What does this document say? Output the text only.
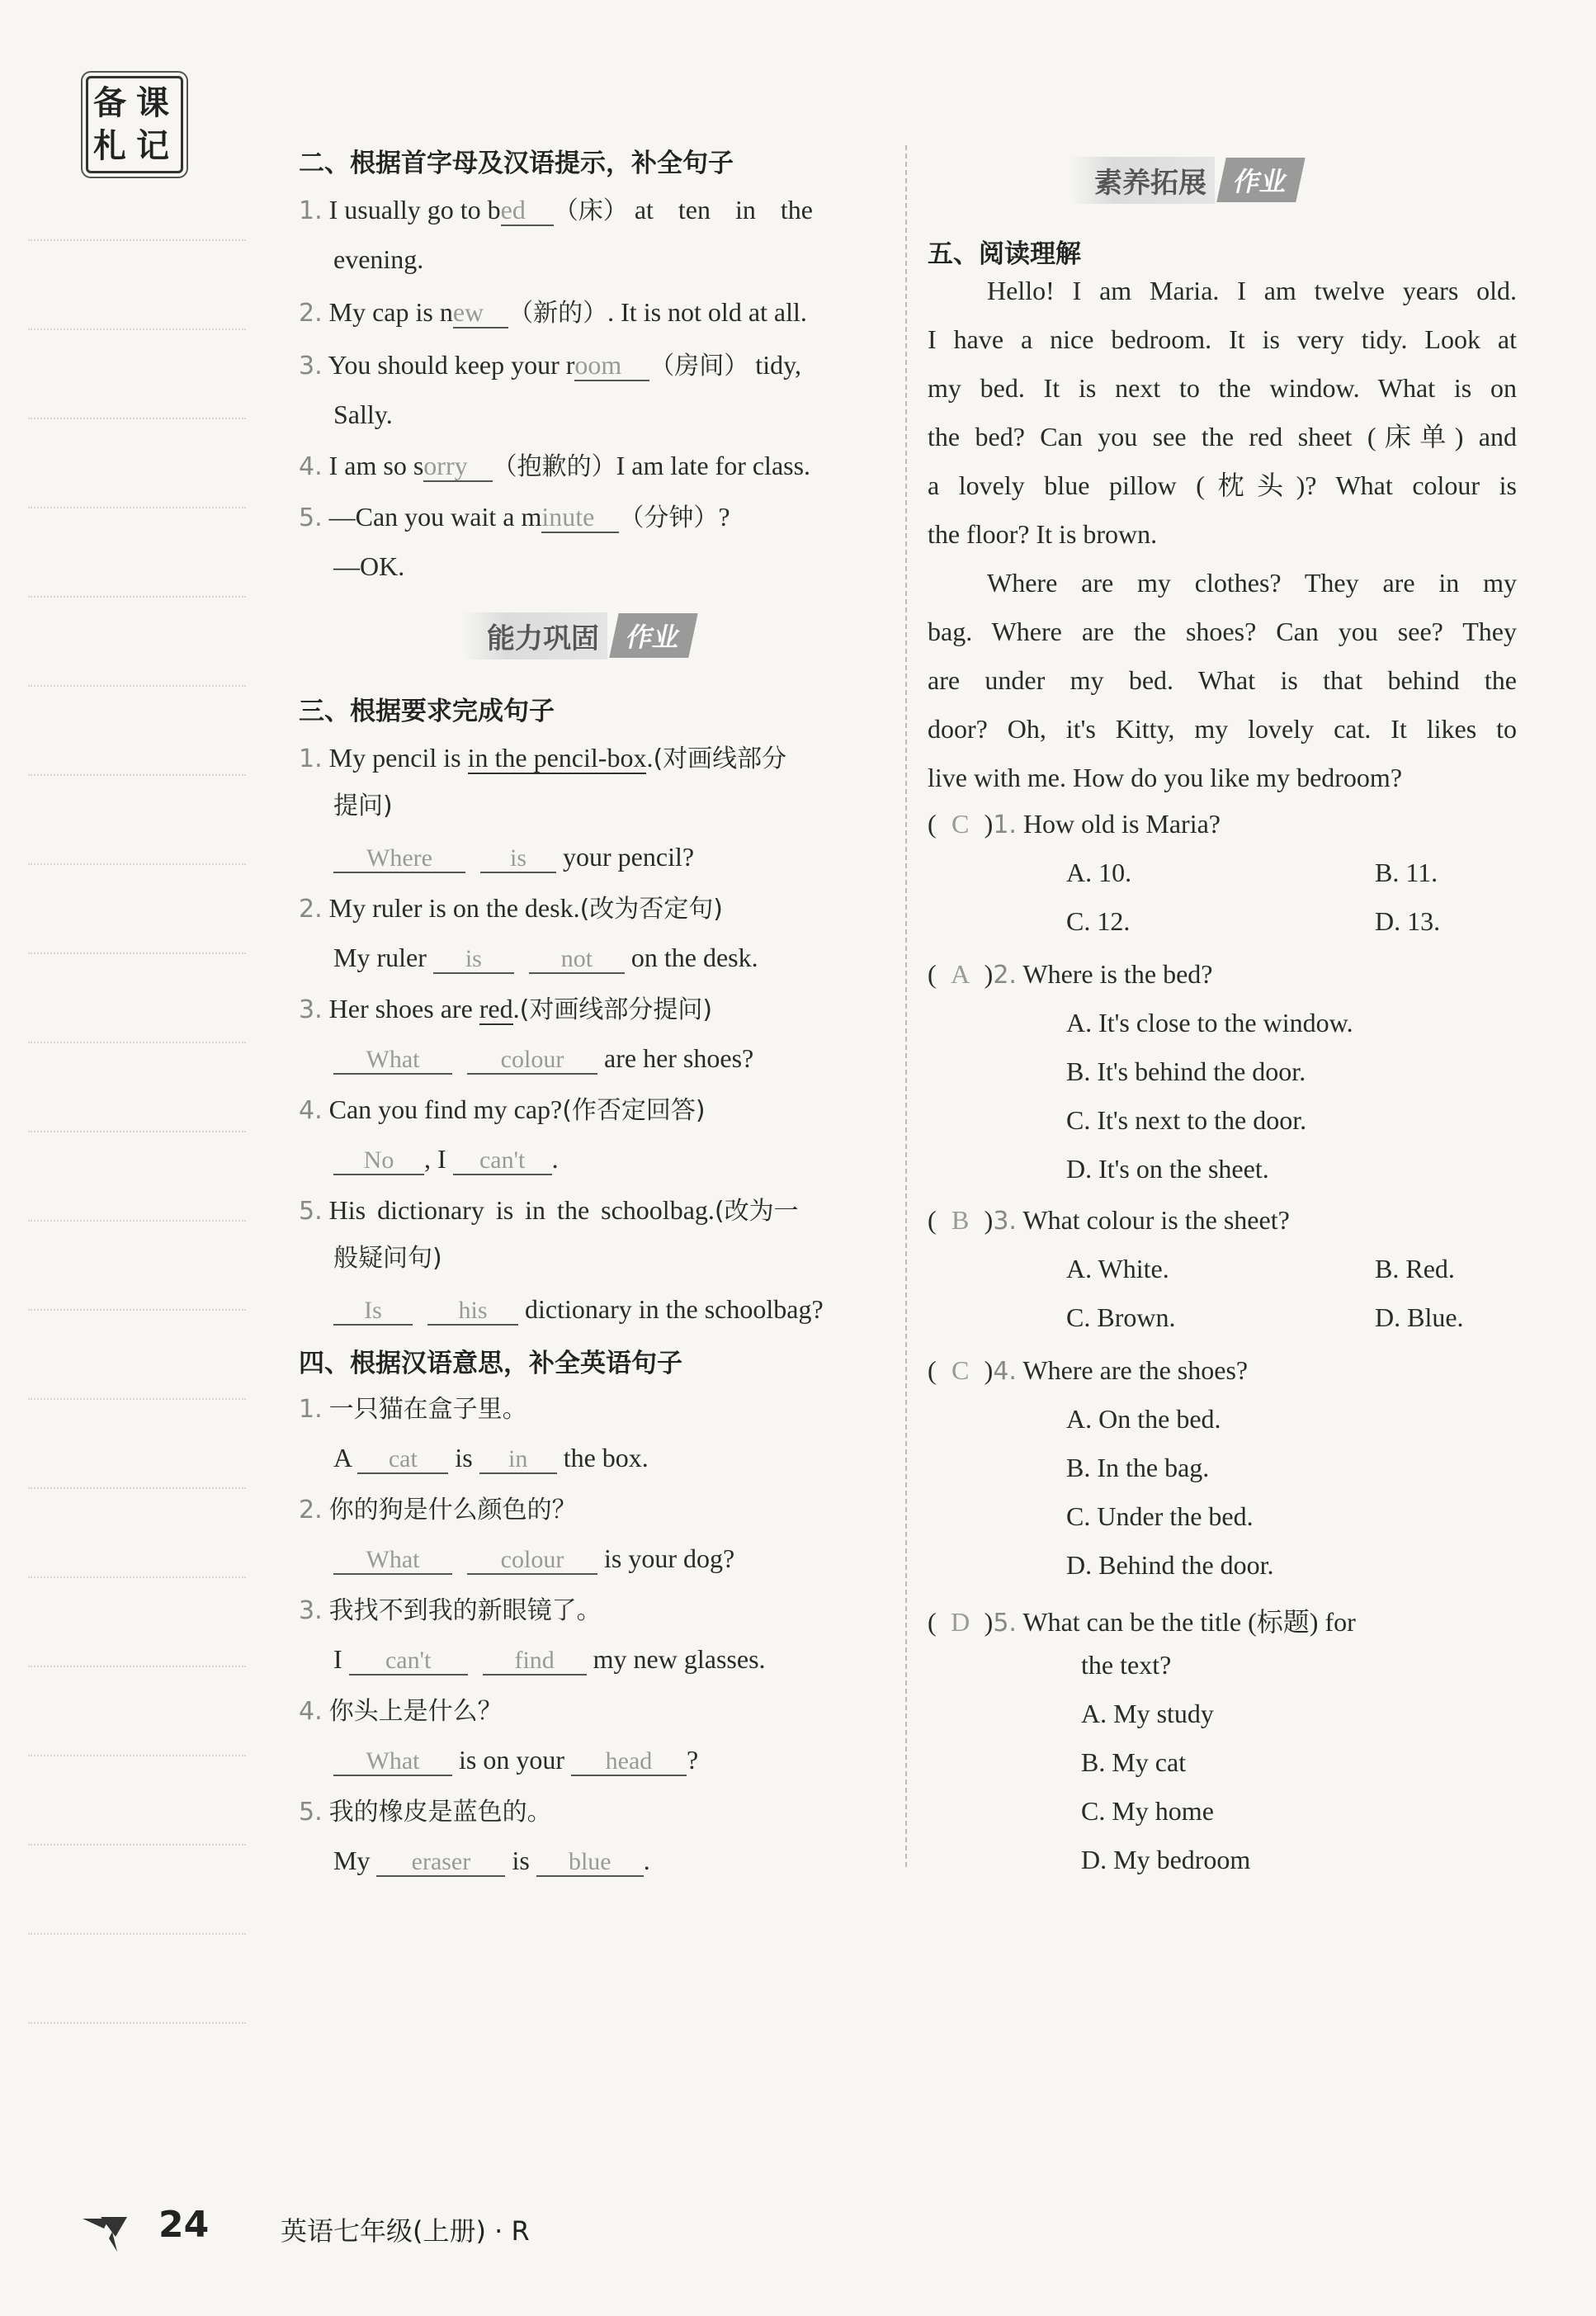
备 课
札 记	二、根据首字母及汉语提示，补全句子
1. I usually go to bed （床） at ten in the
evening.
2. My cap is new （新的）. It is not old at all.
3. You should keep your room （房间） tidy,
Sally.
4. I am so sorry （抱歉的）I am late for class.
5. —Can you wait a minute （分钟）?
—OK.
能力巩固 作业
三、根据要求完成句子
1. My pencil is in the pencil-box.(对画线部分
提问)
Where	is your pencil?
2. My ruler is on the desk.(改为否定句)
My ruler is	not on the desk.
3. Her shoes are red.(对画线部分提问)
What	colour are her shoes?
4. Can you find my cap?(作否定回答)
No , I can't .
5. His dictionary is in the schoolbag.(改为一
般疑问句)
Is	his dictionary in the schoolbag?
四、根据汉语意思，补全英语句子
1. 一只猫在盒子里。
A cat is in the box.
2. 你的狗是什么颜色的？
What	colour is your dog?
3. 我找不到我的新眼镜了。
I can't	find my new glasses.
4. 你头上是什么？
What is on your head ?
5. 我的橡皮是蓝色的。
My eraser is blue .
素养拓展 作业
五、阅读理解
Hello! I am Maria. I am twelve years old.
I have a nice bedroom. It is very tidy. Look at
my bed. It is next to the window. What is on
the bed? Can you see the red sheet (床单) and
a lovely blue pillow (枕头)? What colour is
the floor? It is brown.
Where are my clothes? They are in my
bag. Where are the shoes? Can you see? They
are under my bed. What is that behind the
door? Oh, it's Kitty, my lovely cat. It likes to
live with me. How do you like my bedroom?
( C )1. How old is Maria?
A. 10.	B. 11.
C. 12.	D. 13.
( A )2. Where is the bed?
A. It's close to the window.
B. It's behind the door.
C. It's next to the door.
D. It's on the sheet.
( B )3. What colour is the sheet?
A. White.	B. Red.
C. Brown.	D. Blue.
( C )4. Where are the shoes?
A. On the bed.
B. In the bag.
C. Under the bed.
D. Behind the door.
( D )5. What can be the title (标题) for
the text?
A. My study
B. My cat
C. My home
D. My bedroom
24	英语七年级(上册) · R
